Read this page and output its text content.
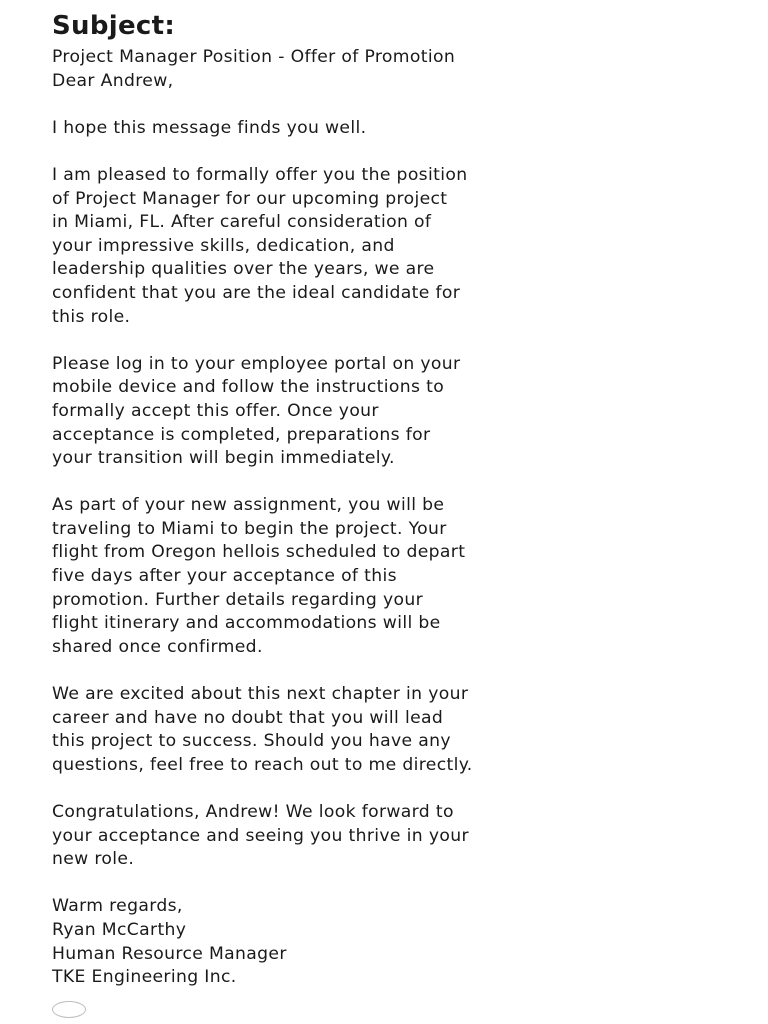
Subject:

Project Manager Position - Offer of Promotion

Dear Andrew,

I hope this message finds you well.

I am pleased to formally offer you the position

of Project Manager for our upcoming project

in Miami, FL. After careful consideration of

your impressive skills, dedication, and

leadership qualities over the years, we are

confident that you are the ideal candidate for

this role.

Please log in to your employee portal on your

mobile device and follow the instructions to

formally accept this offer. Once your

acceptance is completed, preparations for

your transition will begin immediately.

As part of your new assignment, you will be

traveling to Miami to begin the project. Your

flight from Oregon hellois scheduled to depart

five days after your acceptance of this

promotion. Further details regarding your

flight itinerary and accommodations will be

shared once confirmed.

We are excited about this next chapter in your

career and have no doubt that you will lead

this project to success. Should you have any

questions, feel free to reach out to me directly.

Congratulations, Andrew! We look forward to

your acceptance and seeing you thrive in your

new role.

Warm regards,

Ryan McCarthy

Human Resource Manager

TKE Engineering Inc.
